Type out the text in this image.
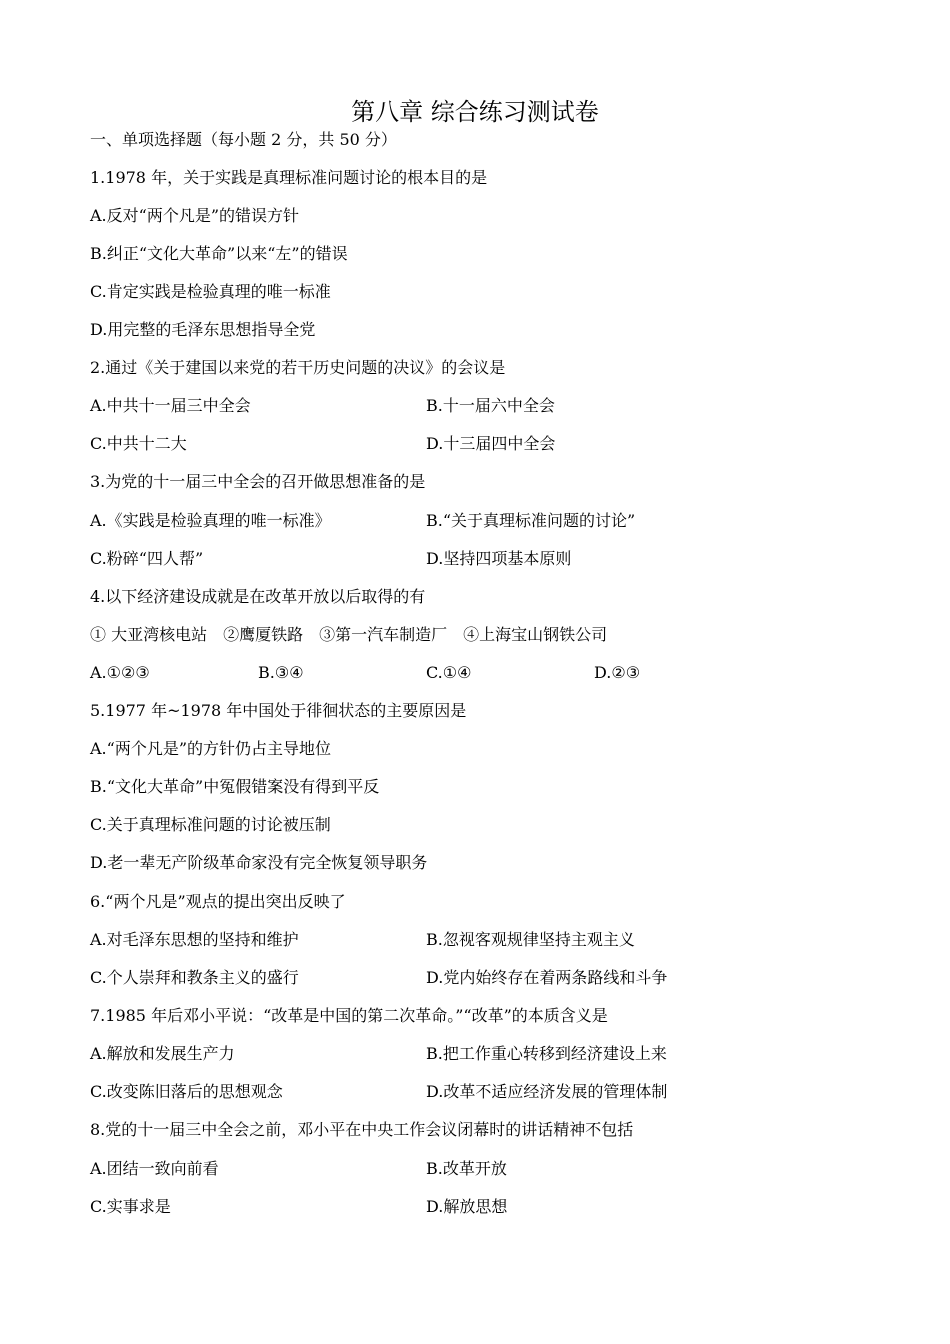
第八章 综合练习测试卷
一、单项选择题（每小题 2 分，共 50 分）
1.1978 年，关于实践是真理标准问题讨论的根本目的是
A.反对“两个凡是”的错误方针
B.纠正“文化大革命”以来“左”的错误
C.肯定实践是检验真理的唯一标准
D.用完整的毛泽东思想指导全党
2.通过《关于建国以来党的若干历史问题的决议》的会议是
A.中共十一届三中全会	B.十一届六中全会
C.中共十二大	D.十三届四中全会
3.为党的十一届三中全会的召开做思想准备的是
A.《实践是检验真理的唯一标准》	B.“关于真理标准问题的讨论”
C.粉碎“四人帮”	D.坚持四项基本原则
4.以下经济建设成就是在改革开放以后取得的有
① 大亚湾核电站　②鹰厦铁路　③第一汽车制造厂　④上海宝山钢铁公司
A.①②③	B.③④	C.①④	D.②③
5.1977 年~1978 年中国处于徘徊状态的主要原因是
A.“两个凡是”的方针仍占主导地位
B.“文化大革命”中冤假错案没有得到平反
C.关于真理标准问题的讨论被压制
D.老一辈无产阶级革命家没有完全恢复领导职务
6.“两个凡是”观点的提出突出反映了
A.对毛泽东思想的坚持和维护	B.忽视客观规律坚持主观主义
C.个人崇拜和教条主义的盛行	D.党内始终存在着两条路线和斗争
7.1985 年后邓小平说：“改革是中国的第二次革命。”“改革”的本质含义是
A.解放和发展生产力	B.把工作重心转移到经济建设上来
C.改变陈旧落后的思想观念	D.改革不适应经济发展的管理体制
8.党的十一届三中全会之前，邓小平在中央工作会议闭幕时的讲话精神不包括
A.团结一致向前看	B.改革开放
C.实事求是	D.解放思想
